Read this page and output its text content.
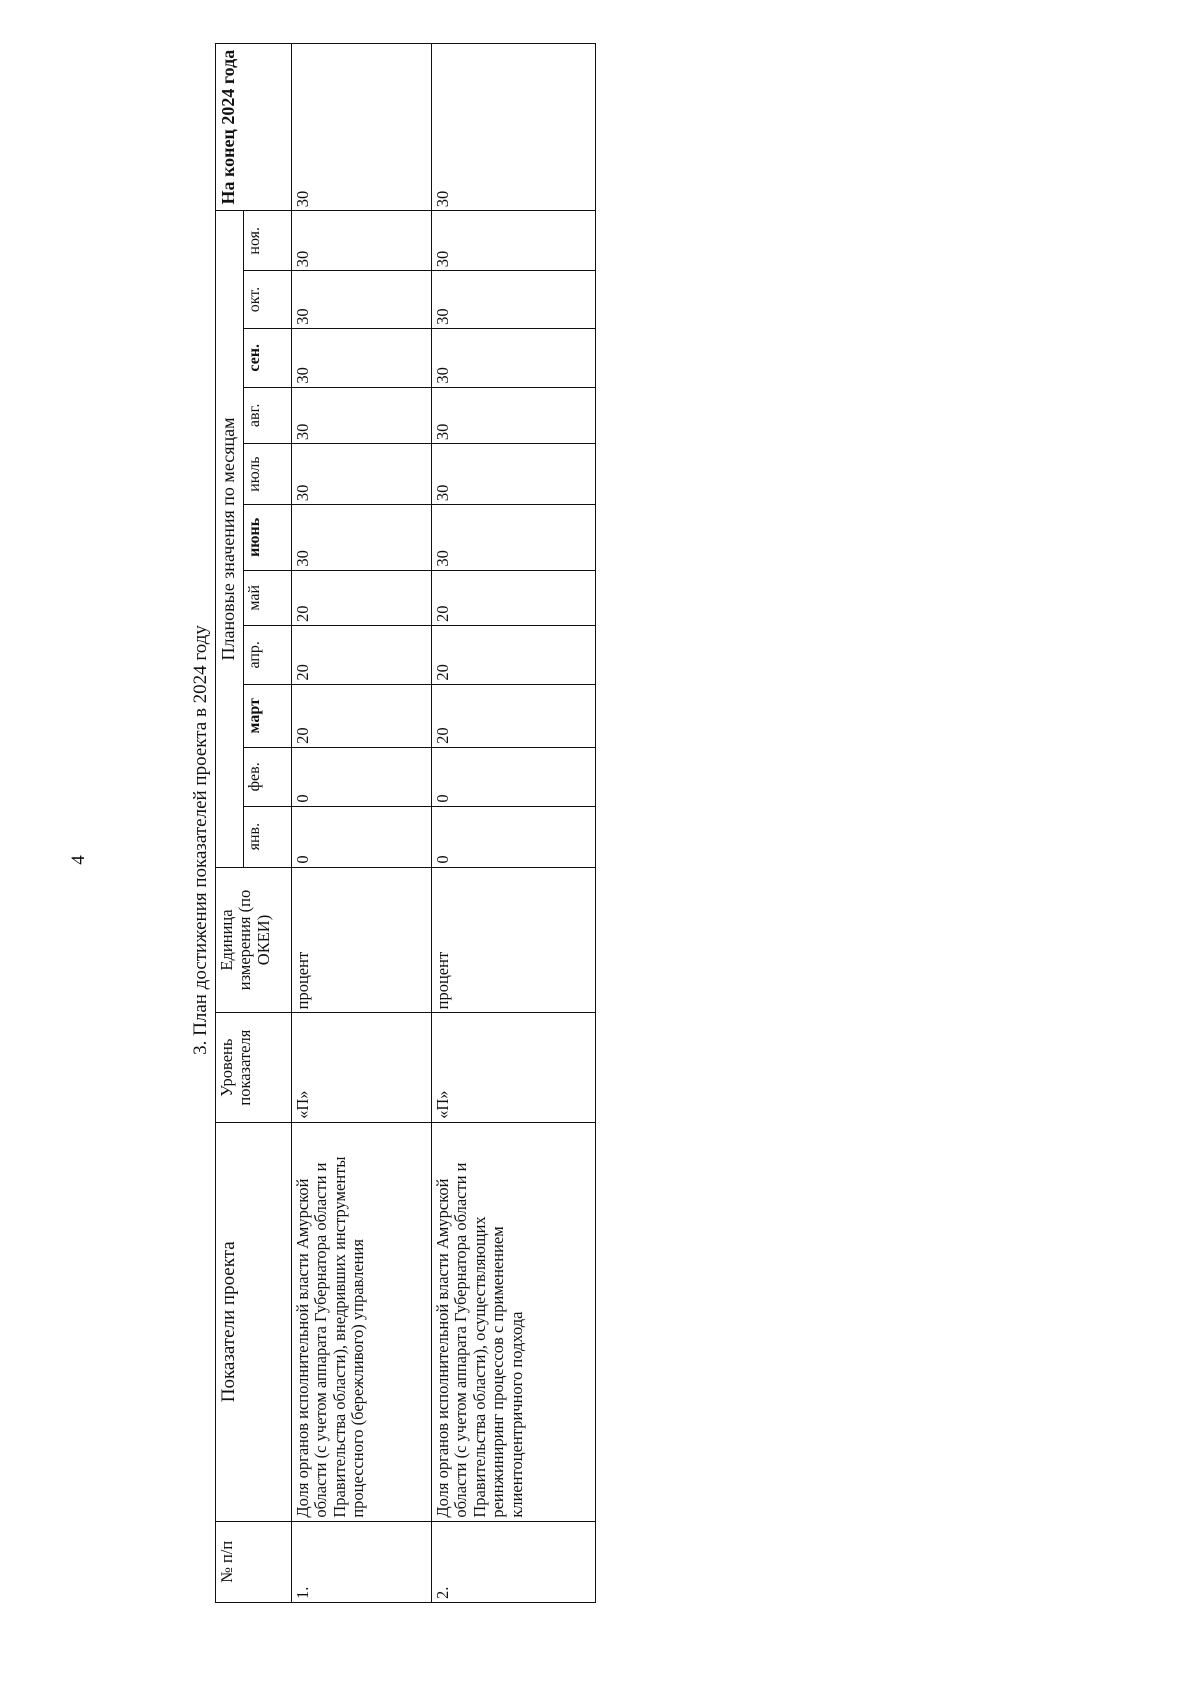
4	3. План достижения показателей проекта в 2024 году
№ п/п	Показатели проекта	Уровень показателя	Единица измерения (по ОКЕИ)	Плановые значения по месяцам											На конец 2024 года
				янв.	фев.	март	апр.	май	июнь	июль	авг.	сен.	окт.	ноя.	
1.	Доля органов исполнительной власти Амурской области (с учетом аппарата Губернатора области и Правительства области), внедривших инструменты процессного (бережливого) управления	«П»	процент	0	0	20	20	20	30	30	30	30	30	30	30
2.	Доля органов исполнительной власти Амурской области (с учетом аппарата Губернатора области и Правительства области), осуществляющих реинжиниринг процессов с применением клиентоцентричного подхода	«П»	процент	0	0	20	20	20	30	30	30	30	30	30	30
